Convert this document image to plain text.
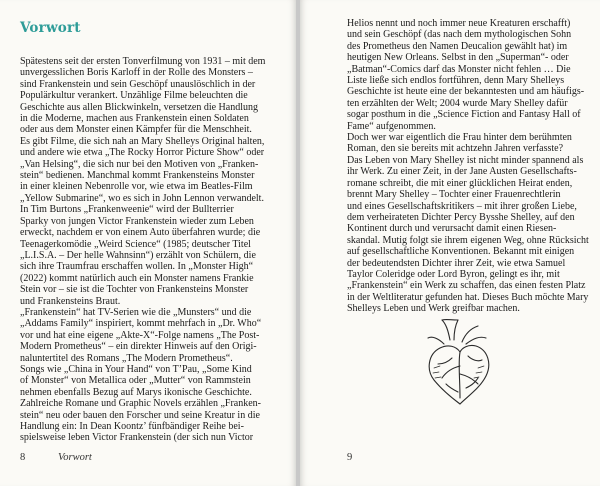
Vorwort
Spätestens seit der ersten Tonverfilmung von 1931 – mit dem
unvergesslichen Boris Karloff in der Rolle des Monsters –
sind Frankenstein und sein Geschöpf unauslöschlich in der
Populärkultur verankert. Unzählige Filme beleuchten die
Geschichte aus allen Blickwinkeln, versetzen die Handlung
in die Moderne, machen aus Frankenstein einen Soldaten
oder aus dem Monster einen Kämpfer für die Menschheit.
Es gibt Filme, die sich nah an Mary Shelleys Original halten,
und andere wie etwa „The Rocky Horror Picture Show“ oder
„Van Helsing“, die sich nur bei den Motiven von „Franken-
stein“ bedienen. Manchmal kommt Frankensteins Monster
in einer kleinen Nebenrolle vor, wie etwa im Beatles-Film
„Yellow Submarine“, wo es sich in John Lennon verwandelt.
In Tim Burtons „Frankenweenie“ wird der Bullterrier
Sparky von jungen Victor Frankenstein wieder zum Leben
erweckt, nachdem er von einem Auto überfahren wurde; die
Teenagerkomödie „Weird Science“ (1985; deutscher Titel
„L.I.S.A. – Der helle Wahnsinn“) erzählt von Schülern, die
sich ihre Traumfrau erschaffen wollen. In „Monster High“
(2022) kommt natürlich auch ein Monster namens Frankie
Stein vor – sie ist die Tochter von Frankensteins Monster
und Frankensteins Braut.
„Frankenstein“ hat TV-Serien wie die „Munsters“ und die
„Addams Family“ inspiriert, kommt mehrfach in „Dr. Who“
vor und hat eine eigene „Akte-X“-Folge namens „The Post-
Modern Prometheus“ – ein direkter Hinweis auf den Origi-
naluntertitel des Romans „The Modern Prometheus“.
Songs wie „China in Your Hand“ von T’Pau, „Some Kind
of Monster“ von Metallica oder „Mutter“ von Rammstein
nehmen ebenfalls Bezug auf Marys ikonische Geschichte.
Zahlreiche Romane und Graphic Novels erzählen „Franken-
stein“ neu oder bauen den Forscher und seine Kreatur in die
Handlung ein: In Dean Koontz’ fünfbändiger Reihe bei-
spielsweise leben Victor Frankenstein (der sich nun Victor
8	Vorwort
Helios nennt und noch immer neue Kreaturen erschafft)
und sein Geschöpf (das nach dem mythologischen Sohn
des Prometheus den Namen Deucalion gewählt hat) im
heutigen New Orleans. Selbst in den „Superman“- oder
„Batman“-Comics darf das Monster nicht fehlen … Die
Liste ließe sich endlos fortführen, denn Mary Shelleys
Geschichte ist heute eine der bekanntesten und am häufigs-
ten erzählten der Welt; 2004 wurde Mary Shelley dafür
sogar posthum in die „Science Fiction and Fantasy Hall of
Fame“ aufgenommen.
Doch wer war eigentlich die Frau hinter dem berühmten
Roman, den sie bereits mit achtzehn Jahren verfasste?
Das Leben von Mary Shelley ist nicht minder spannend als
ihr Werk. Zu einer Zeit, in der Jane Austen Gesellschafts-
romane schreibt, die mit einer glücklichen Heirat enden,
brennt Mary Shelley – Tochter einer Frauenrechtlerin
und eines Gesellschaftskritikers – mit ihrer großen Liebe,
dem verheirateten Dichter Percy Bysshe Shelley, auf den
Kontinent durch und verursacht damit einen Riesen-
skandal. Mutig folgt sie ihrem eigenen Weg, ohne Rücksicht
auf gesellschaftliche Konventionen. Bekannt mit einigen
der bedeutendsten Dichter ihrer Zeit, wie etwa Samuel
Taylor Coleridge oder Lord Byron, gelingt es ihr, mit
„Frankenstein“ ein Werk zu schaffen, das einen festen Platz
in der Weltliteratur gefunden hat. Dieses Buch möchte Mary
Shelleys Leben und Werk greifbar machen.
9
